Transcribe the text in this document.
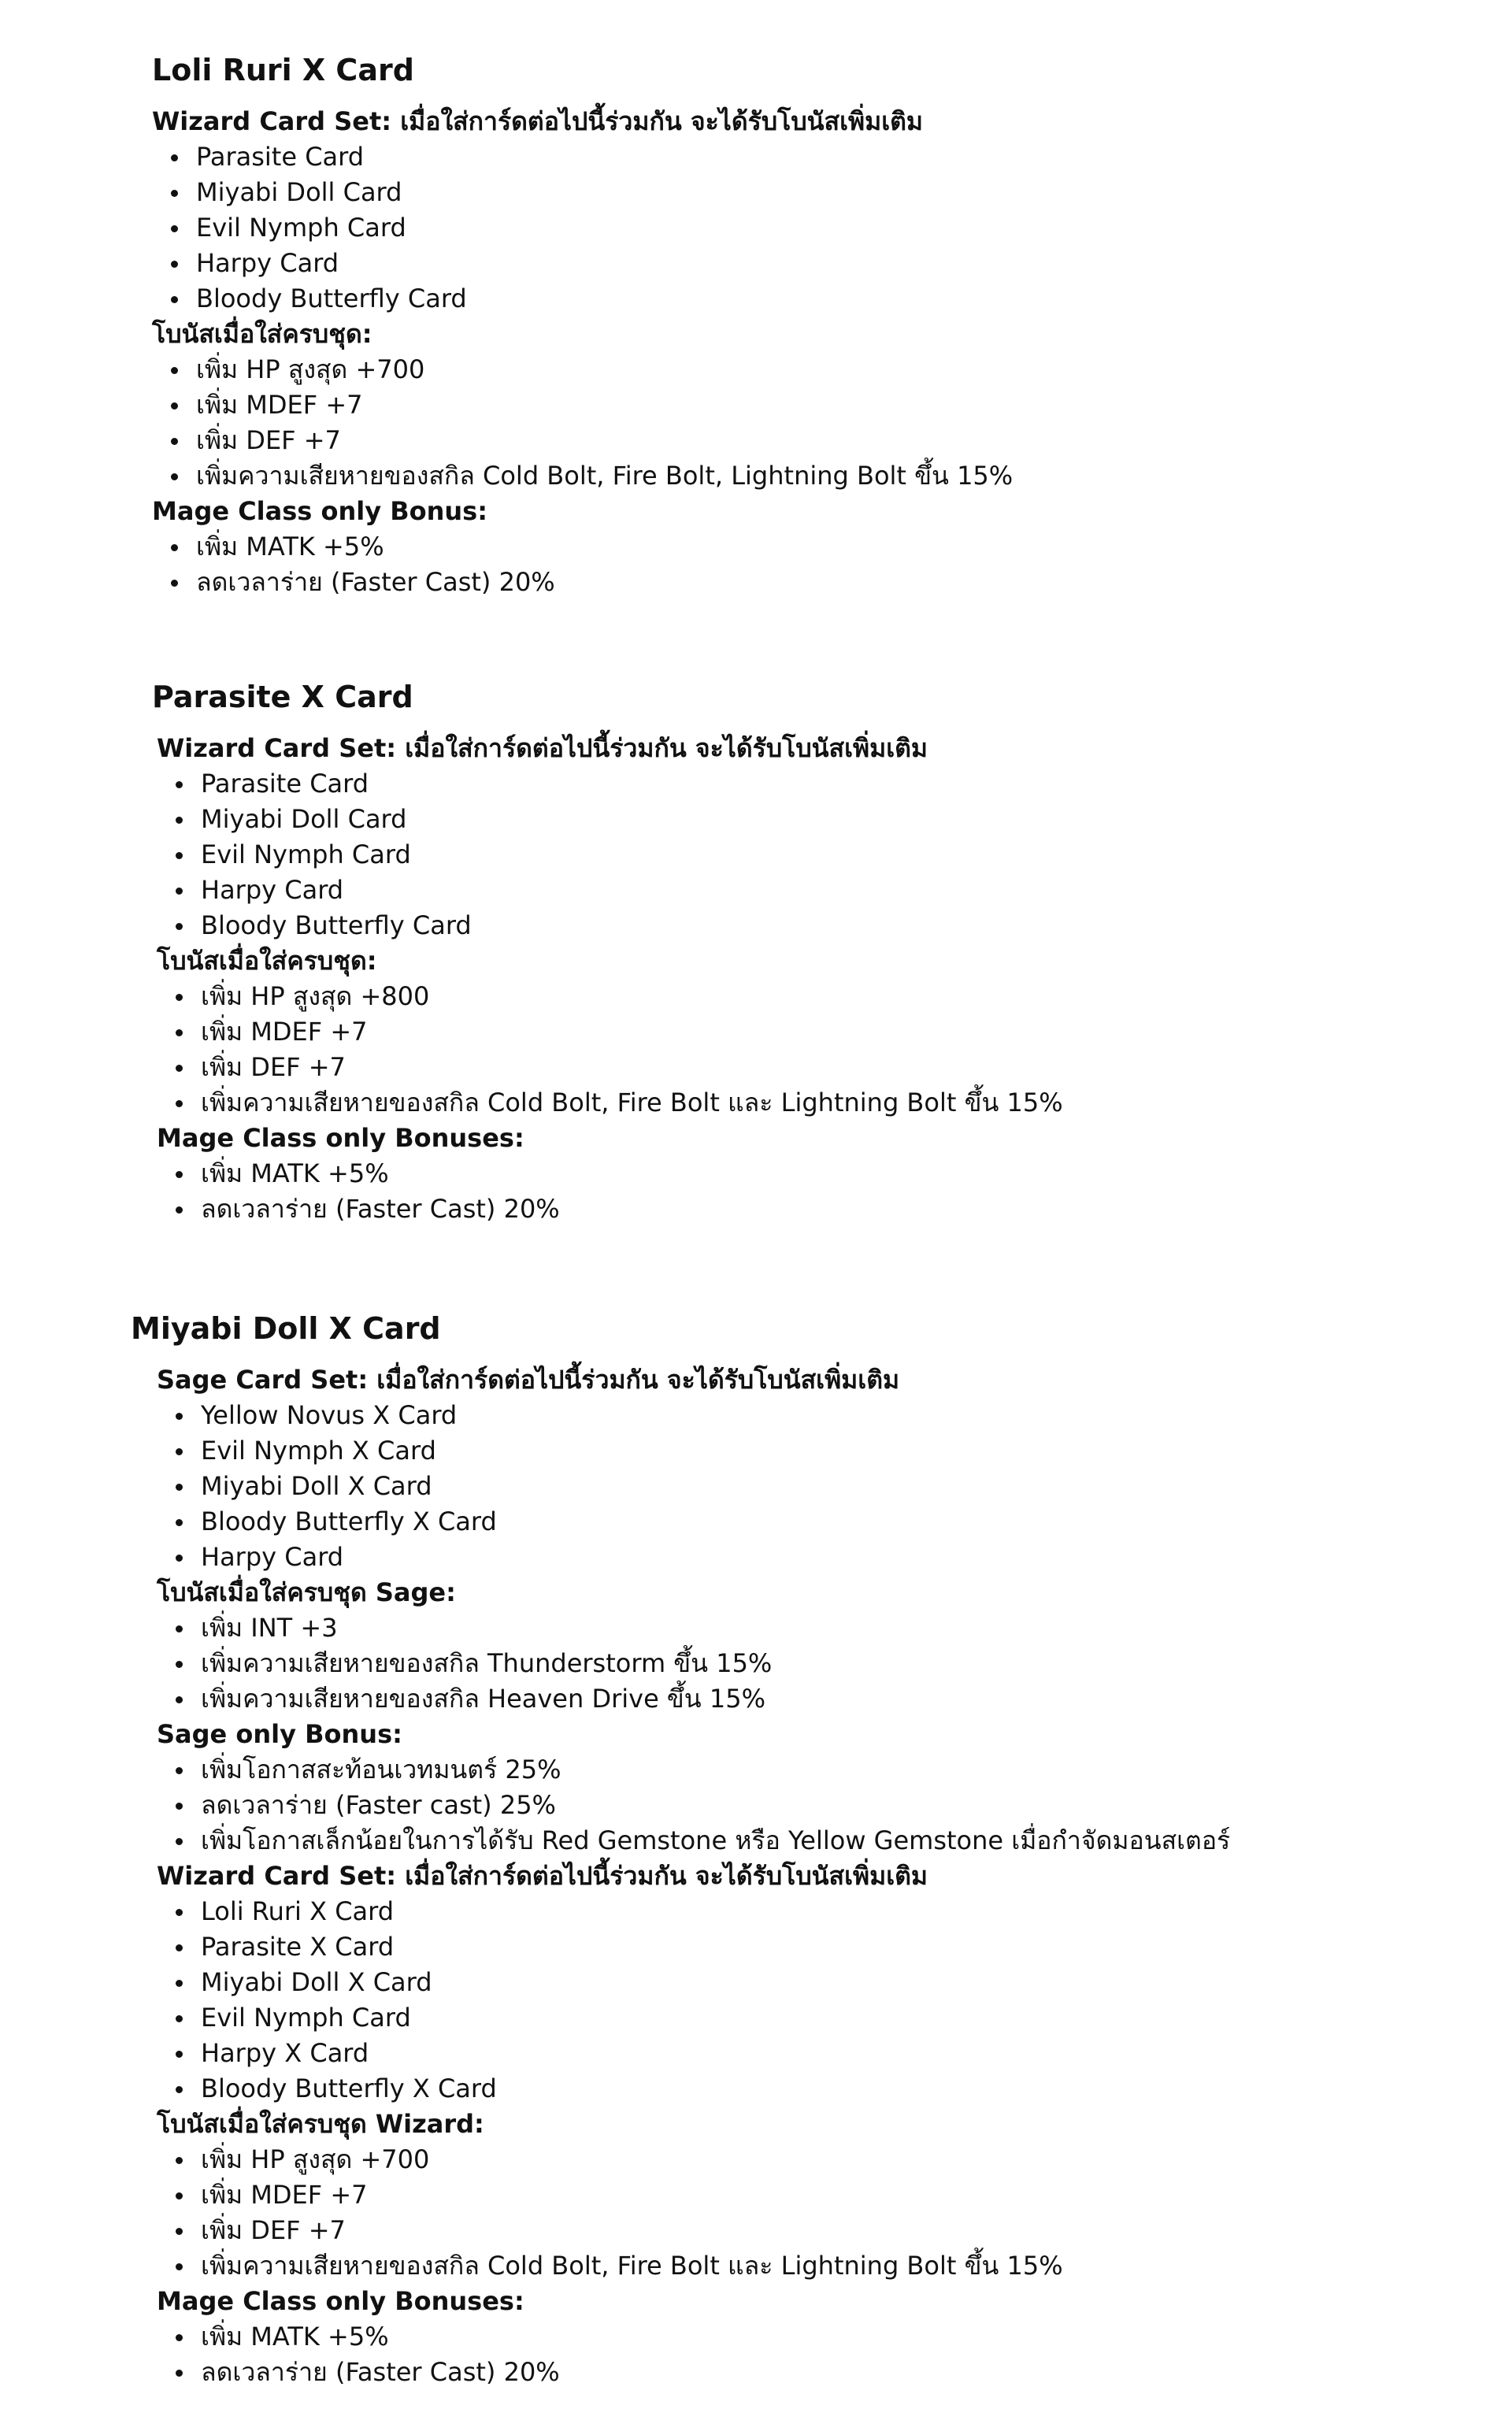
Loli Ruri X Card

Wizard Card Set: เมื่อใส่การ์ดต่อไปนี้ร่วมกัน จะได้รับโบนัสเพิ่มเติม

Parasite Card
Miyabi Doll Card
Evil Nymph Card
Harpy Card
Bloody Butterfly Card

โบนัสเมื่อใส่ครบชุด:

เพิ่ม HP สูงสุด +700
เพิ่ม MDEF +7
เพิ่ม DEF +7
เพิ่มความเสียหายของสกิล Cold Bolt, Fire Bolt, Lightning Bolt ขึ้น 15%

Mage Class only Bonus:

เพิ่ม MATK +5%
ลดเวลาร่าย (Faster Cast) 20%
Parasite X Card

Wizard Card Set: เมื่อใส่การ์ดต่อไปนี้ร่วมกัน จะได้รับโบนัสเพิ่มเติม

Parasite Card
Miyabi Doll Card
Evil Nymph Card
Harpy Card
Bloody Butterfly Card

โบนัสเมื่อใส่ครบชุด:

เพิ่ม HP สูงสุด +800
เพิ่ม MDEF +7
เพิ่ม DEF +7
เพิ่มความเสียหายของสกิล Cold Bolt, Fire Bolt และ Lightning Bolt ขึ้น 15%

Mage Class only Bonuses:

เพิ่ม MATK +5%
ลดเวลาร่าย (Faster Cast) 20%
Miyabi Doll X Card

Sage Card Set: เมื่อใส่การ์ดต่อไปนี้ร่วมกัน จะได้รับโบนัสเพิ่มเติม

Yellow Novus X Card
Evil Nymph X Card
Miyabi Doll X Card
Bloody Butterfly X Card
Harpy Card

โบนัสเมื่อใส่ครบชุด Sage:

เพิ่ม INT +3
เพิ่มความเสียหายของสกิล Thunderstorm ขึ้น 15%
เพิ่มความเสียหายของสกิล Heaven Drive ขึ้น 15%

Sage only Bonus:

เพิ่มโอกาสสะท้อนเวทมนตร์ 25%
ลดเวลาร่าย (Faster cast) 25%
เพิ่มโอกาสเล็กน้อยในการได้รับ Red Gemstone หรือ Yellow Gemstone เมื่อกำจัดมอนสเตอร์

Wizard Card Set: เมื่อใส่การ์ดต่อไปนี้ร่วมกัน จะได้รับโบนัสเพิ่มเติม

Loli Ruri X Card
Parasite X Card
Miyabi Doll X Card
Evil Nymph Card
Harpy X Card
Bloody Butterfly X Card

โบนัสเมื่อใส่ครบชุด Wizard:

เพิ่ม HP สูงสุด +700
เพิ่ม MDEF +7
เพิ่ม DEF +7
เพิ่มความเสียหายของสกิล Cold Bolt, Fire Bolt และ Lightning Bolt ขึ้น 15%

Mage Class only Bonuses:

เพิ่ม MATK +5%
ลดเวลาร่าย (Faster Cast) 20%
